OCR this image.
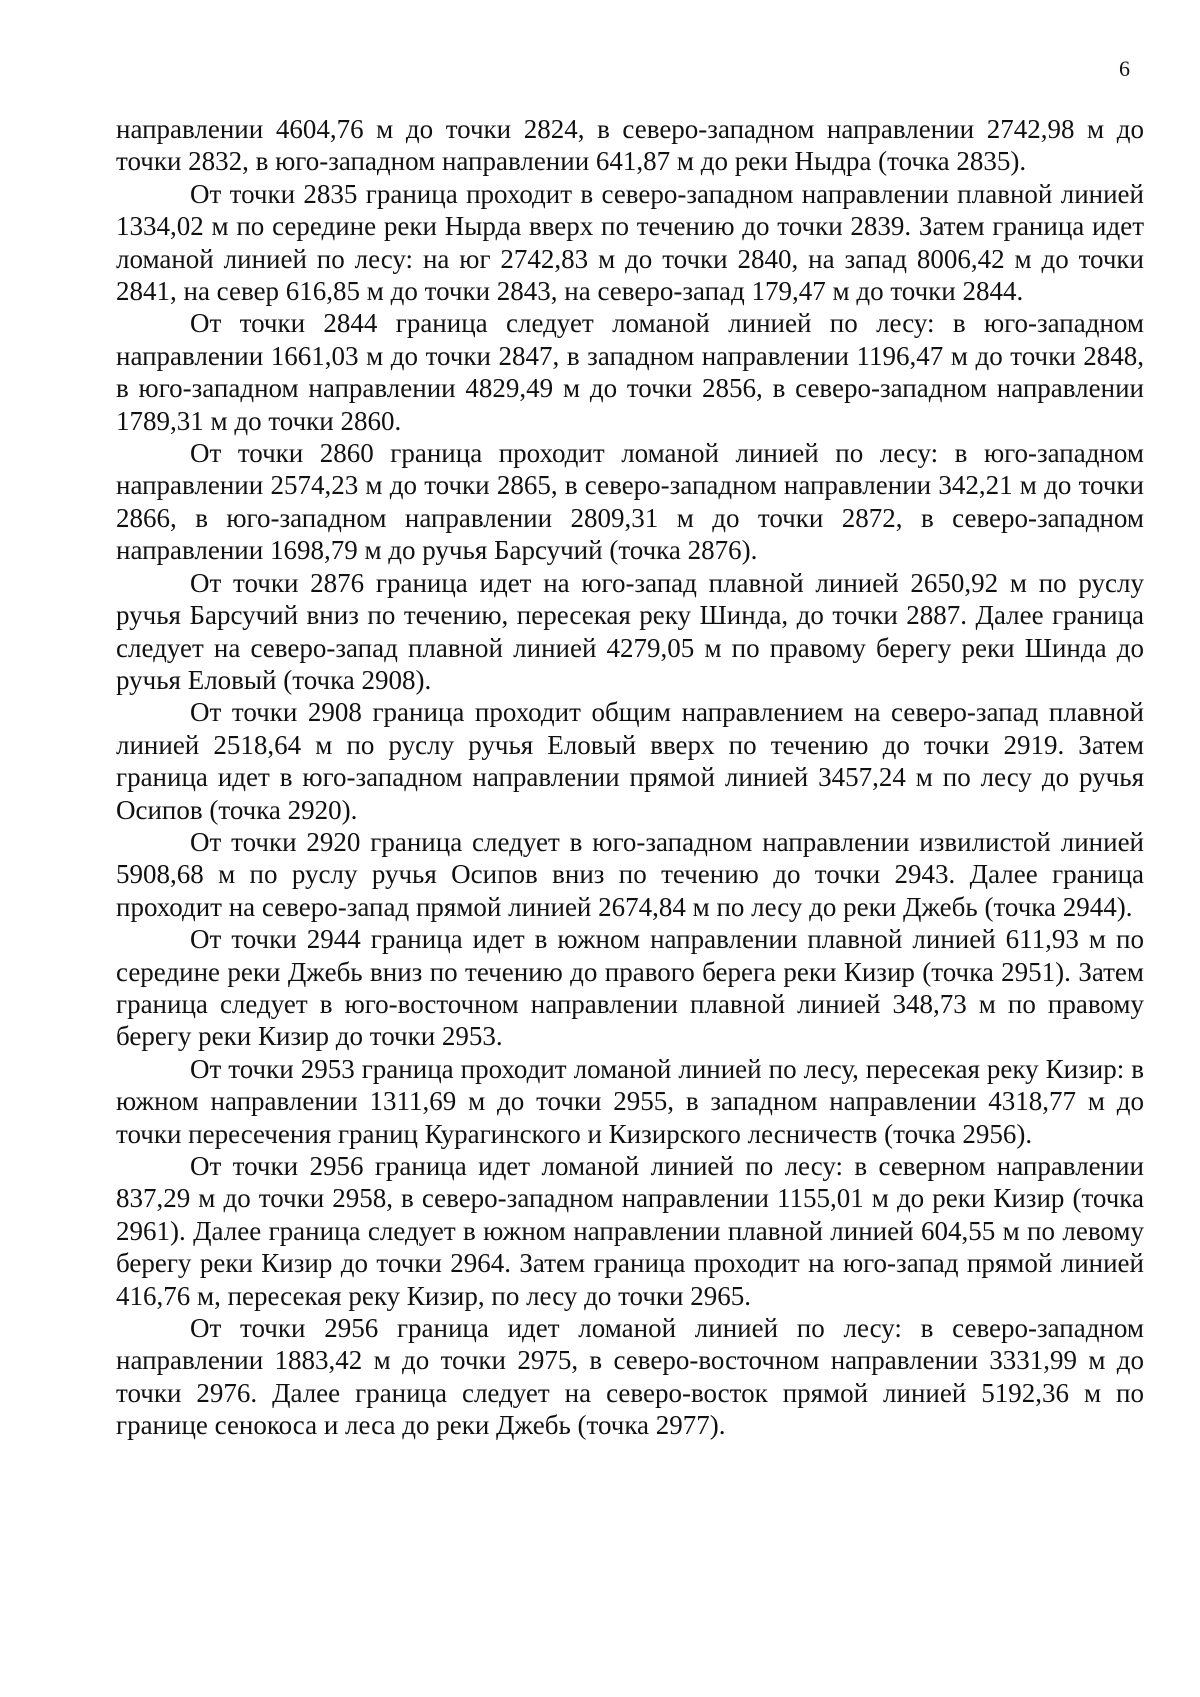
6

направлении 4604,76 м до точки 2824, в северо-западном направлении 2742,98 м до точки 2832, в юго-западном направлении 641,87 м до реки Ныдра (точка 2835).

От точки 2835 граница проходит в северо-западном направлении плавной линией 1334,02 м по середине реки Нырда вверх по течению до точки 2839. Затем граница идет ломаной линией по лесу: на юг 2742,83 м до точки 2840, на запад 8006,42 м до точки 2841, на север 616,85 м до точки 2843, на северо-запад 179,47 м до точки 2844.

От точки 2844 граница следует ломаной линией по лесу: в юго-западном направлении 1661,03 м до точки 2847, в западном направлении 1196,47 м до точки 2848, в юго-западном направлении 4829,49 м до точки 2856, в северо-западном направлении 1789,31 м до точки 2860.

От точки 2860 граница проходит ломаной линией по лесу: в юго-западном направлении 2574,23 м до точки 2865, в северо-западном направлении 342,21 м до точки 2866, в юго-западном направлении 2809,31 м до точки 2872, в северо-западном направлении 1698,79 м до ручья Барсучий (точка 2876).

От точки 2876 граница идет на юго-запад плавной линией 2650,92 м по руслу ручья Барсучий вниз по течению, пересекая реку Шинда, до точки 2887. Далее граница следует на северо-запад плавной линией 4279,05 м по правому берегу реки Шинда до ручья Еловый (точка 2908).

От точки 2908 граница проходит общим направлением на северо-запад плавной линией 2518,64 м по руслу ручья Еловый вверх по течению до точки 2919. Затем граница идет в юго-западном направлении прямой линией 3457,24 м по лесу до ручья Осипов (точка 2920).

От точки 2920 граница следует в юго-западном направлении извилистой линией 5908,68 м по руслу ручья Осипов вниз по течению до точки 2943. Далее граница проходит на северо-запад прямой линией 2674,84 м по лесу до реки Джебь (точка 2944).

От точки 2944 граница идет в южном направлении плавной линией 611,93 м по середине реки Джебь вниз по течению до правого берега реки Кизир (точка 2951). Затем граница следует в юго-восточном направлении плавной линией 348,73 м по правому берегу реки Кизир до точки 2953.

От точки 2953 граница проходит ломаной линией по лесу, пересекая реку Кизир: в южном направлении 1311,69 м до точки 2955, в западном направлении 4318,77 м до точки пересечения границ Курагинского и Кизирского лесничеств (точка 2956).

От точки 2956 граница идет ломаной линией по лесу: в северном направлении 837,29 м до точки 2958, в северо-западном направлении 1155,01 м до реки Кизир (точка 2961). Далее граница следует в южном направлении плавной линией 604,55 м по левому берегу реки Кизир до точки 2964. Затем граница проходит на юго-запад прямой линией 416,76 м, пересекая реку Кизир, по лесу до точки 2965.

От точки 2956 граница идет ломаной линией по лесу: в северо-западном направлении 1883,42 м до точки 2975, в северо-восточном направлении 3331,99 м до точки 2976. Далее граница следует на северо-восток прямой линией 5192,36 м по границе сенокоса и леса до реки Джебь (точка 2977).
